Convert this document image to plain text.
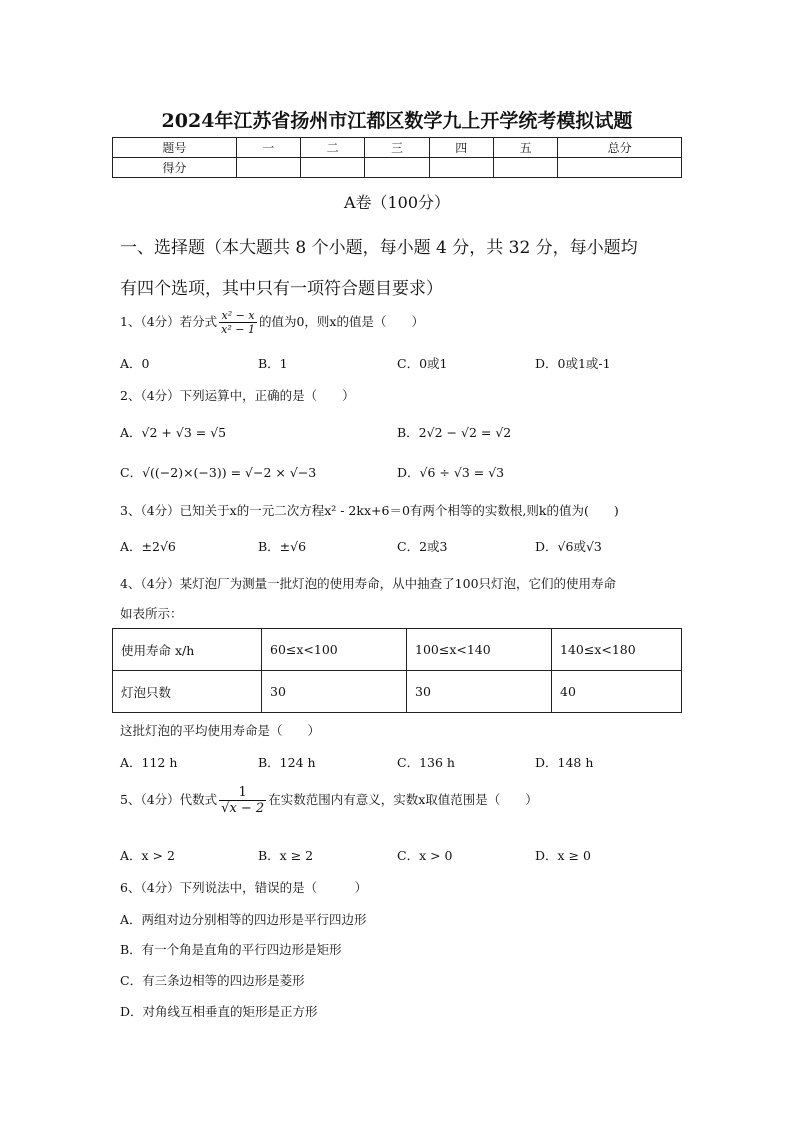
2024年江苏省扬州市江都区数学九上开学统考模拟试题
题号	一	二	三	四	五	总分
得分						
A卷（100分）
一、选择题（本大题共 8 个小题，每小题 4 分，共 32 分，每小题均
有四个选项，其中只有一项符合题目要求）
1、（4分）若分式 $\frac{\text{x² − x}}{\text{x² − 1}}$ 的值为0，则x的值是（　　）
A．0	B．1	C．0或1	D．0或1或-1
2、（4分）下列运算中，正确的是（　　）
A．√2 + √3 = √5	B．2√2 − √2 = √2
C．√((−2)×(−3)) = √−2 × √−3	D．√6 ÷ √3 = √3
3、（4分）已知关于x的一元二次方程x² - 2kx+6＝0有两个相等的实数根,则k的值为(　　)
A．±2√6	B．±√6	C．2或3	D．√6或√3
4、（4分）某灯泡厂为测量一批灯泡的使用寿命，从中抽查了100只灯泡，它们的使用寿命
如表所示：
使用寿命 x/h	60≤x<100	100≤x<140	140≤x<180
灯泡只数	30	30	40
这批灯泡的平均使用寿命是（　　）
A．112 h	B．124 h	C．136 h	D．148 h
5、（4分）代数式 $\frac{1}{√x - 2}$ 在实数范围内有意义，实数x取值范围是（　　）
A．x > 2	B．x ≥ 2	C．x > 0	D．x ≥ 0
6、（4分）下列说法中，错误的是（　　　）
A．两组对边分别相等的四边形是平行四边形
B．有一个角是直角的平行四边形是矩形
C．有三条边相等的四边形是菱形
D．对角线互相垂直的矩形是正方形
